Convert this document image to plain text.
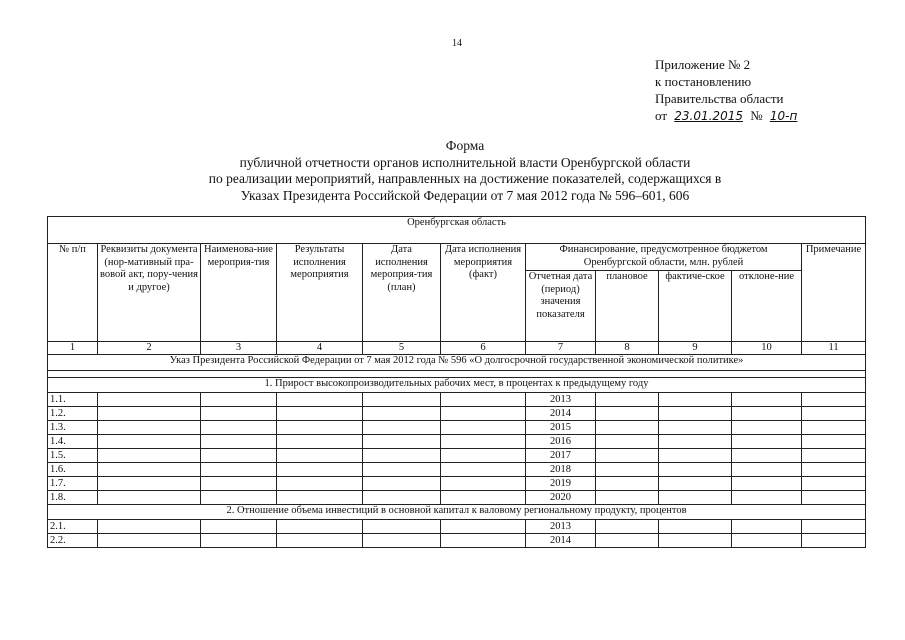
14
Приложение № 2
к постановлению
Правительства области
от 23.01.2015 № 10-п
Форма
публичной отчетности органов исполнительной власти Оренбургской области
по реализации мероприятий, направленных на достижение показателей, содержащихся в
Указах Президента Российской Федерации от 7 мая 2012 года № 596–601, 606
Оренбургская область										
№ п/п	Реквизиты документа (нор-мативный пра-вовой акт, пору-чения и другое)	Наименова-ние мероприя-тия	Результаты исполнения мероприятия	Дата исполнения мероприя-тия (план)	Дата исполнения мероприятия (факт)	Финансирование, предусмотренное бюджетом Оренбургской области, млн. рублей				Примечание
						Отчетная дата (период) значения показателя	плановое	фактиче-ское	отклоне-ние	
1	2	3	4	5	6	7	8	9	10	11
Указ Президента Российской Федерации от 7 мая 2012 года № 596 «О долгосрочной государственной экономической политике»										

1. Прирост высокопроизводительных рабочих мест, в процентах к предыдущему году										
1.1.						2013				
1.2.						2014				
1.3.						2015				
1.4.						2016				
1.5.						2017				
1.6.						2018				
1.7.						2019				
1.8.						2020				
2. Отношение объема инвестиций в основной капитал к валовому региональному продукту, процентов										
2.1.						2013				
2.2.						2014				
